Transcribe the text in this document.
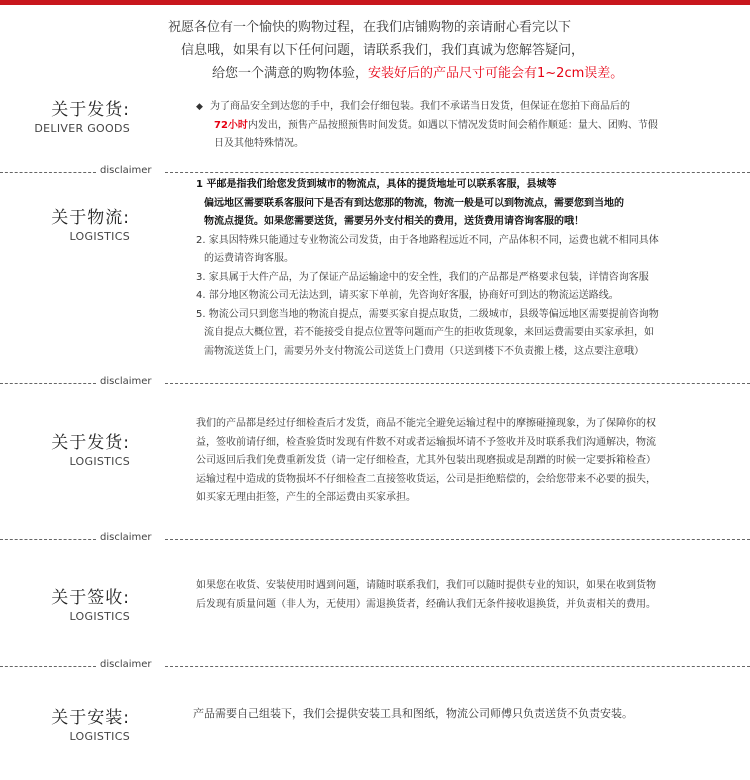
祝愿各位有一个愉快的购物过程，在我们店铺购物的亲请耐心看完以下
信息哦，如果有以下任何问题，请联系我们，我们真诚为您解答疑问，
给您一个满意的购物体验，安装好后的产品尺寸可能会有1~2cm误差。
关于发货:
DELIVER GOODS
◆ 为了商品安全到达您的手中，我们会仔细包装。我们不承诺当日发货，但保证在您拍下商品后的
72小时内发出，预售产品按照预售时间发货。如遇以下情况发货时间会稍作顺延：量大、团购、节假
日及其他特殊情况。
disclaimer
关于物流:
LOGISTICS
1 平邮是指我们给您发货到城市的物流点，具体的提货地址可以联系客服，县城等
偏远地区需要联系客服问下是否有到达您那的物流，物流一般是可以到物流点，需要您到当地的
物流点提货。如果您需要送货，需要另外支付相关的费用，送货费用请咨询客服的哦！
2. 家具因特殊只能通过专业物流公司发货，由于各地路程远近不同，产品体积不同，运费也就不相同具体
的运费请咨询客服。
3. 家具属于大件产品，为了保证产品运输途中的安全性，我们的产品都是严格要求包装，详情咨询客服
4. 部分地区物流公司无法达到，请买家下单前，先咨询好客服，协商好可到达的物流运送路线。
5. 物流公司只到您当地的物流自提点，需要买家自提点取货，二级城市，县级等偏远地区需要提前咨询物
流自提点大概位置，若不能接受自提点位置等问题而产生的拒收货现象，来回运费需要由买家承担，如
需物流送货上门，需要另外支付物流公司送货上门费用（只送到楼下不负责搬上楼，这点要注意哦）
disclaimer
关于发货:
LOGISTICS
我们的产品都是经过仔细检查后才发货，商品不能完全避免运输过程中的摩擦碰撞现象，为了保障你的权
益，签收前请仔细，检查验货时发现有件数不对或者运输损坏请不予签收并及时联系我们沟通解决，物流
公司返回后我们免费重新发货（请一定仔细检查，尤其外包装出现磨损或是刮蹭的时候一定要拆箱检查）
运输过程中造成的货物损坏不仔细检查二直接签收货运，公司是拒绝赔偿的，会给您带来不必要的损失，
如买家无理由拒签，产生的全部运费由买家承担。
disclaimer
关于签收:
LOGISTICS
如果您在收货、安装使用时遇到问题，请随时联系我们，我们可以随时提供专业的知识，如果在收到货物
后发现有质量问题（非人为，无使用）需退换货者，经确认我们无条件接收退换货，并负责相关的费用。
disclaimer
关于安装:
LOGISTICS
产品需要自己组装下，我们会提供安装工具和图纸，物流公司师傅只负责送货不负责安装。
